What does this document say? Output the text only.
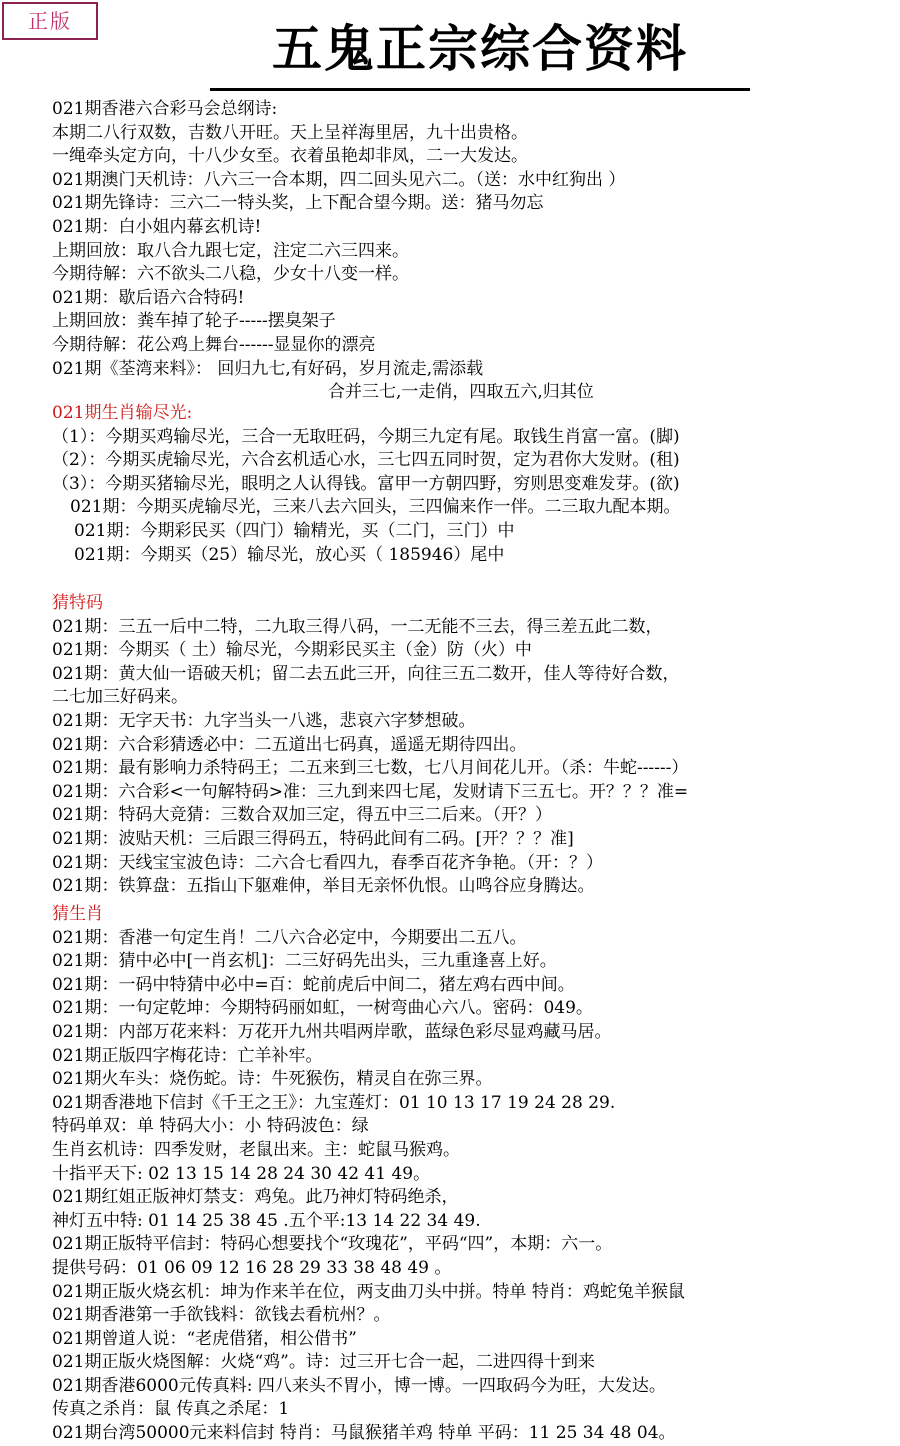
正版	五鬼正宗综合资料
021期香港六合彩马会总纲诗:
本期二八行双数，吉数八开旺。天上呈祥海里居，九十出贵格。
一绳牵头定方向，十八少女至。衣着虽艳却非凤，二一大发达。
021期澳门天机诗：八六三一合本期，四二回头见六二。（送：水中红狗出 ）
021期先锋诗：三六二一特头奖，上下配合望今期。送：猪马勿忘
021期：白小姐内幕玄机诗!
上期回放：取八合九跟七定，注定二六三四来。
今期待解：六不欲头二八稳，少女十八变一样。
021期：歇后语六合特码!
上期回放：粪车掉了轮子-----摆臭架子
今期待解：花公鸡上舞台------显显你的漂亮
021期《荃湾来料》： 回归九七,有好码，岁月流走,需添载
合并三七,一走俏，四取五六,归其位
021期生肖输尽光:
（1）：今期买鸡输尽光，三合一无取旺码，今期三九定有尾。取钱生肖富一富。(脚)
（2）：今期买虎输尽光，六合玄机适心水，三七四五同时贺，定为君你大发财。(租)
（3）：今期买猪输尽光，眼明之人认得钱。富甲一方朝四野，穷则思变难发芽。(欲)
021期：今期买虎输尽光，三来八去六回头，三四偏来作一伴。二三取九配本期。
021期：今期彩民买（四门）输精光，买（二门，三门）中
021期：今期买（25）输尽光，放心买（ 185946）尾中
猜特码
021期：三五一后中二特，二九取三得八码，一二无能不三去，得三差五此二数，
021期：今期买（ 土）输尽光，今期彩民买主（金）防（火）中
021期：黄大仙一语破天机；留二去五此三开，向往三五二数开，佳人等待好合数，
二七加三好码来。
021期：无字天书：九字当头一八逃，悲哀六字梦想破。
021期：六合彩猜透必中：二五道出七码真，遥遥无期待四出。
021期：最有影响力杀特码王；二五来到三七数，七八月间花儿开。（杀：牛蛇------）
021期：六合彩<一句解特码>准：三九到来四七尾，发财请下三五七。开？？？准=
021期：特码大竞猜：三数合双加三定，得五中三二后来。（开？）
021期：波贴天机：三后跟三得码五，特码此间有二码。[开？？？准]
021期：天线宝宝波色诗：二六合七看四九，春季百花齐争艳。（开：？）
021期：铁算盘：五指山下躯难伸，举目无亲怀仇恨。山鸣谷应身腾达。
猜生肖
021期：香港一句定生肖！二八六合必定中，今期要出二五八。
021期：猜中必中[一肖玄机]：二三好码先出头，三九重逢喜上好。
021期：一码中特猜中必中=百：蛇前虎后中间二，猪左鸡右西中间。
021期：一句定乾坤：今期特码丽如虹，一树弯曲心六八。密码：049。
021期：内部万花来料：万花开九州共唱两岸歌，蓝绿色彩尽显鸡藏马居。
021期正版四字梅花诗：亡羊补牢。
021期火车头：烧伤蛇。诗：牛死猴伤，精灵自在弥三界。
021期香港地下信封《千王之王》：九宝莲灯：01 10 13 17 19 24 28 29.
特码单双：单 特码大小：小 特码波色：绿
生肖玄机诗：四季发财，老鼠出来。主：蛇鼠马猴鸡。
十指平天下: 02 13 15 14 28 24 30 42 41 49。
021期红姐正版神灯禁支：鸡兔。此乃神灯特码绝杀，
神灯五中特: 01 14 25 38 45 .五个平:13 14 22 34 49.
021期正版特平信封：特码心想要找个“玫瑰花”，平码“四”，本期：六一。
提供号码：01 06 09 12 16 28 29 33 38 48 49 。
021期正版火烧玄机：坤为作来羊在位，两支曲刀头中拼。特单 特肖：鸡蛇兔羊猴鼠
021期香港第一手欲钱料：欲钱去看杭州？。
021期曾道人说：“老虎借猪，相公借书”
021期正版火烧图解：火烧“鸡”。诗：过三开七合一起，二进四得十到来
021期香港6000元传真料: 四八来头不胃小，博一博。一四取码今为旺，大发达。
传真之杀肖：鼠 传真之杀尾：1
021期台湾50000元来料信封 特肖：马鼠猴猪羊鸡 特单 平码：11 25 34 48 04。
